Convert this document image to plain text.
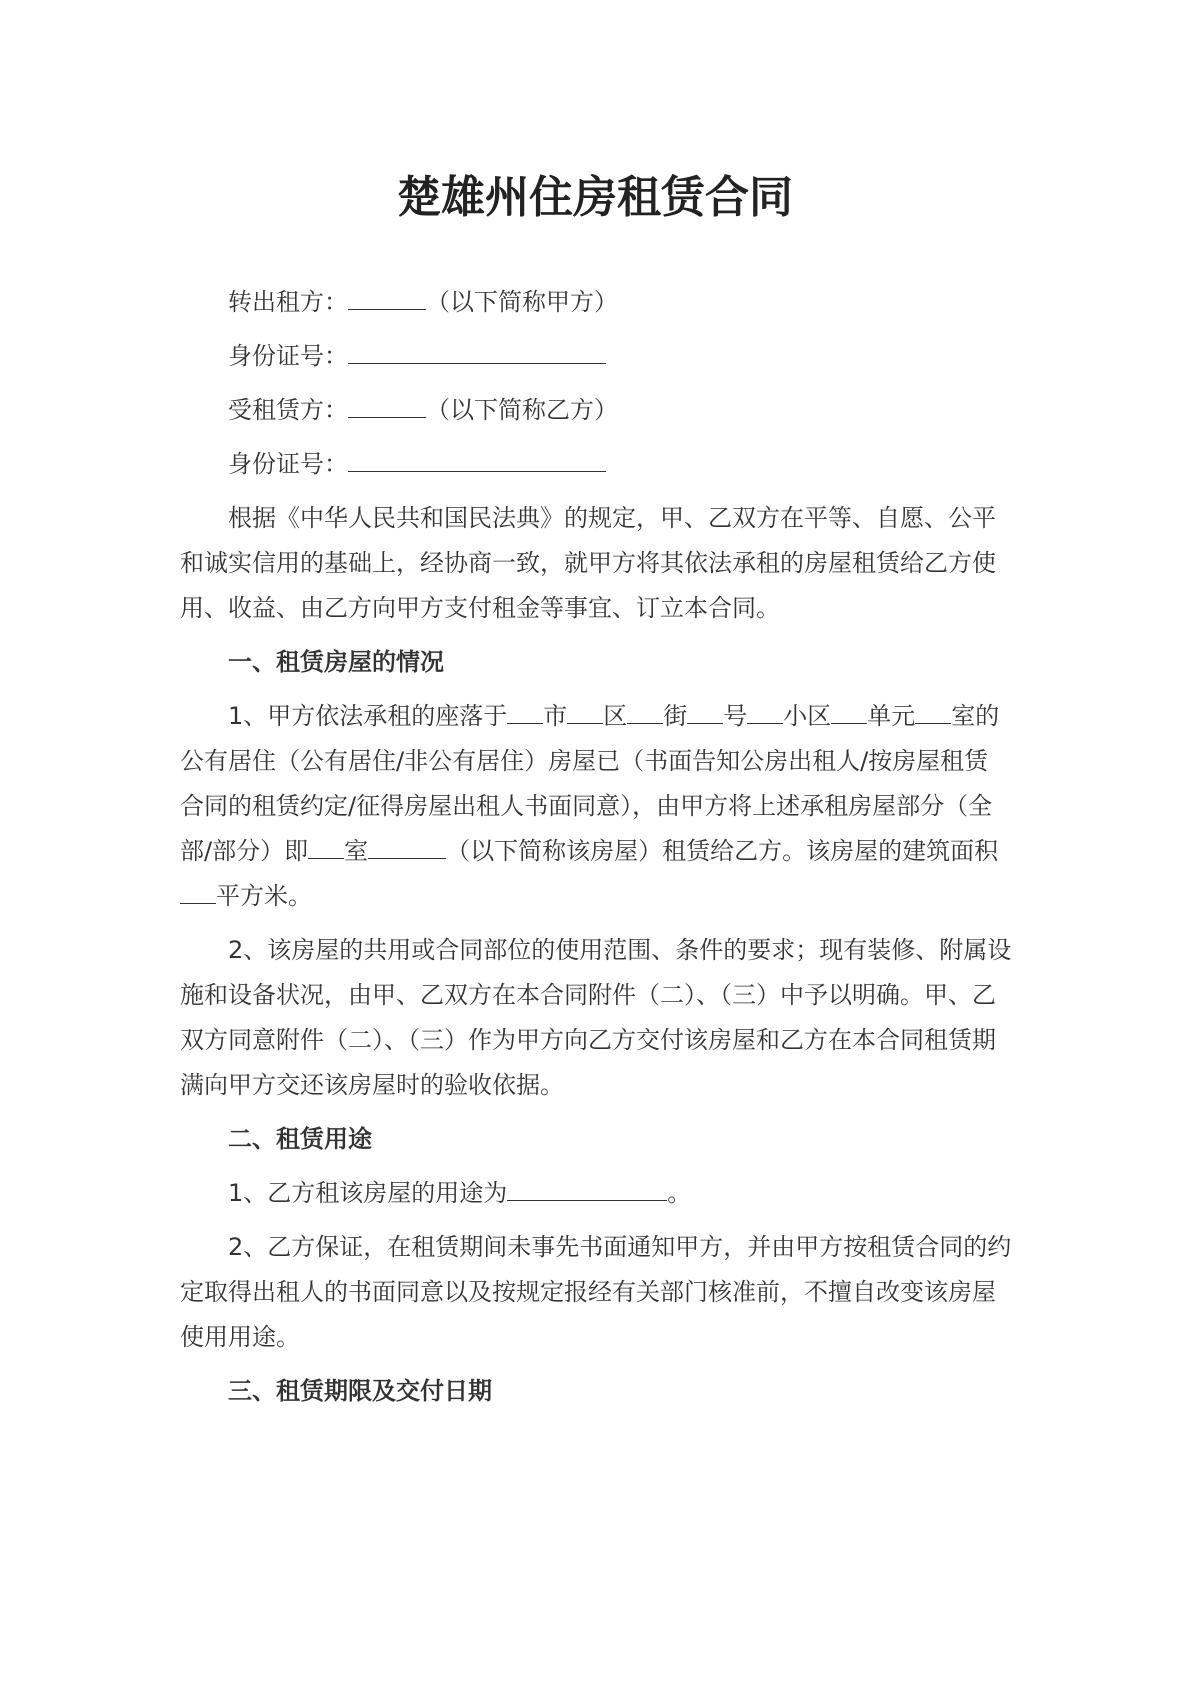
楚雄州住房租赁合同

转出租方：	（以下简称甲方）

身份证号：

受租赁方：	（以下简称乙方）

身份证号：

根据《中华人民共和国民法典》的规定，甲、乙双方在平等、自愿、公平和诚实信用的基础上，经协商一致，就甲方将其依法承租的房屋租赁给乙方使用、收益、由乙方向甲方支付租金等事宜、订立本合同。

一、租赁房屋的情况

1、甲方依法承租的座落于 市 区 街 号 小区 单元 室的公有居住（公有居住/非公有居住）房屋已（书面告知公房出租人/按房屋租赁合同的租赁约定/征得房屋出租人书面同意），由甲方将上述承租房屋部分（全部/部分）即 室	（以下简称该房屋）租赁给乙方。该房屋的建筑面积平方米。

2、该房屋的共用或合同部位的使用范围、条件的要求；现有装修、附属设施和设备状况，由甲、乙双方在本合同附件（二）、（三）中予以明确。甲、乙双方同意附件（二）、（三）作为甲方向乙方交付该房屋和乙方在本合同租赁期满向甲方交还该房屋时的验收依据。

二、租赁用途

1、乙方租该房屋的用途为	。

2、乙方保证，在租赁期间未事先书面通知甲方，并由甲方按租赁合同的约定取得出租人的书面同意以及按规定报经有关部门核准前，不擅自改变该房屋使用用途。

三、租赁期限及交付日期
